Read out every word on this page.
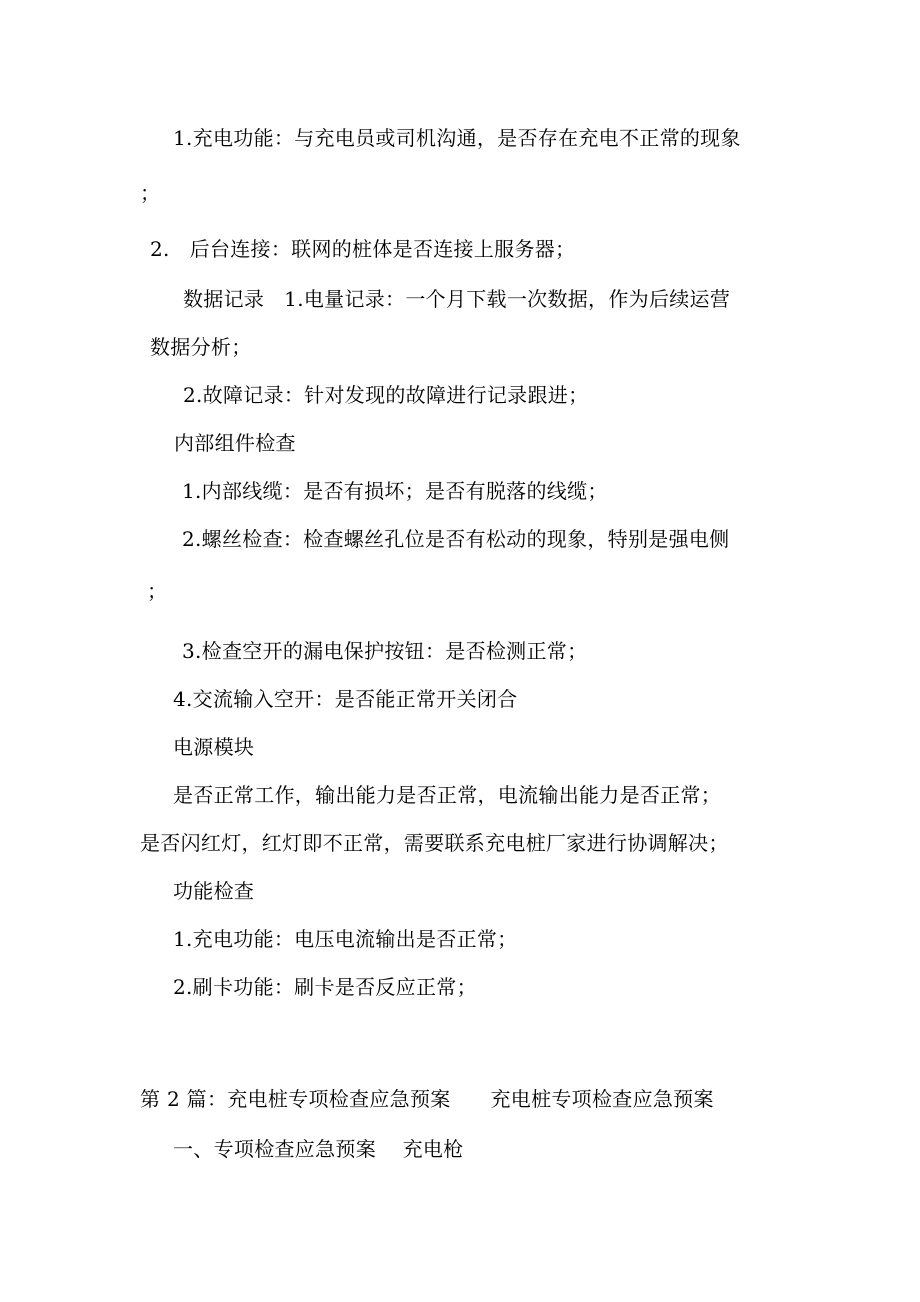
1.充电功能：与充电员或司机沟通，是否存在充电不正常的现象

；

2.   后台连接：联网的桩体是否连接上服务器；

数据记录   1.电量记录：一个月下载一次数据，作为后续运营

数据分析；

2.故障记录：针对发现的故障进行记录跟进；

内部组件检查

1.内部线缆：是否有损坏；是否有脱落的线缆；

2.螺丝检查：检查螺丝孔位是否有松动的现象，特别是强电侧

；

3.检查空开的漏电保护按钮：是否检测正常；

4.交流输入空开：是否能正常开关闭合

电源模块

是否正常工作，输出能力是否正常，电流输出能力是否正常；

是否闪红灯，红灯即不正常，需要联系充电桩厂家进行协调解决；

功能检查

1.充电功能：电压电流输出是否正常；

2.刷卡功能：刷卡是否反应正常；

第 2 篇：充电桩专项检查应急预案      充电桩专项检查应急预案

一、专项检查应急预案    充电枪
